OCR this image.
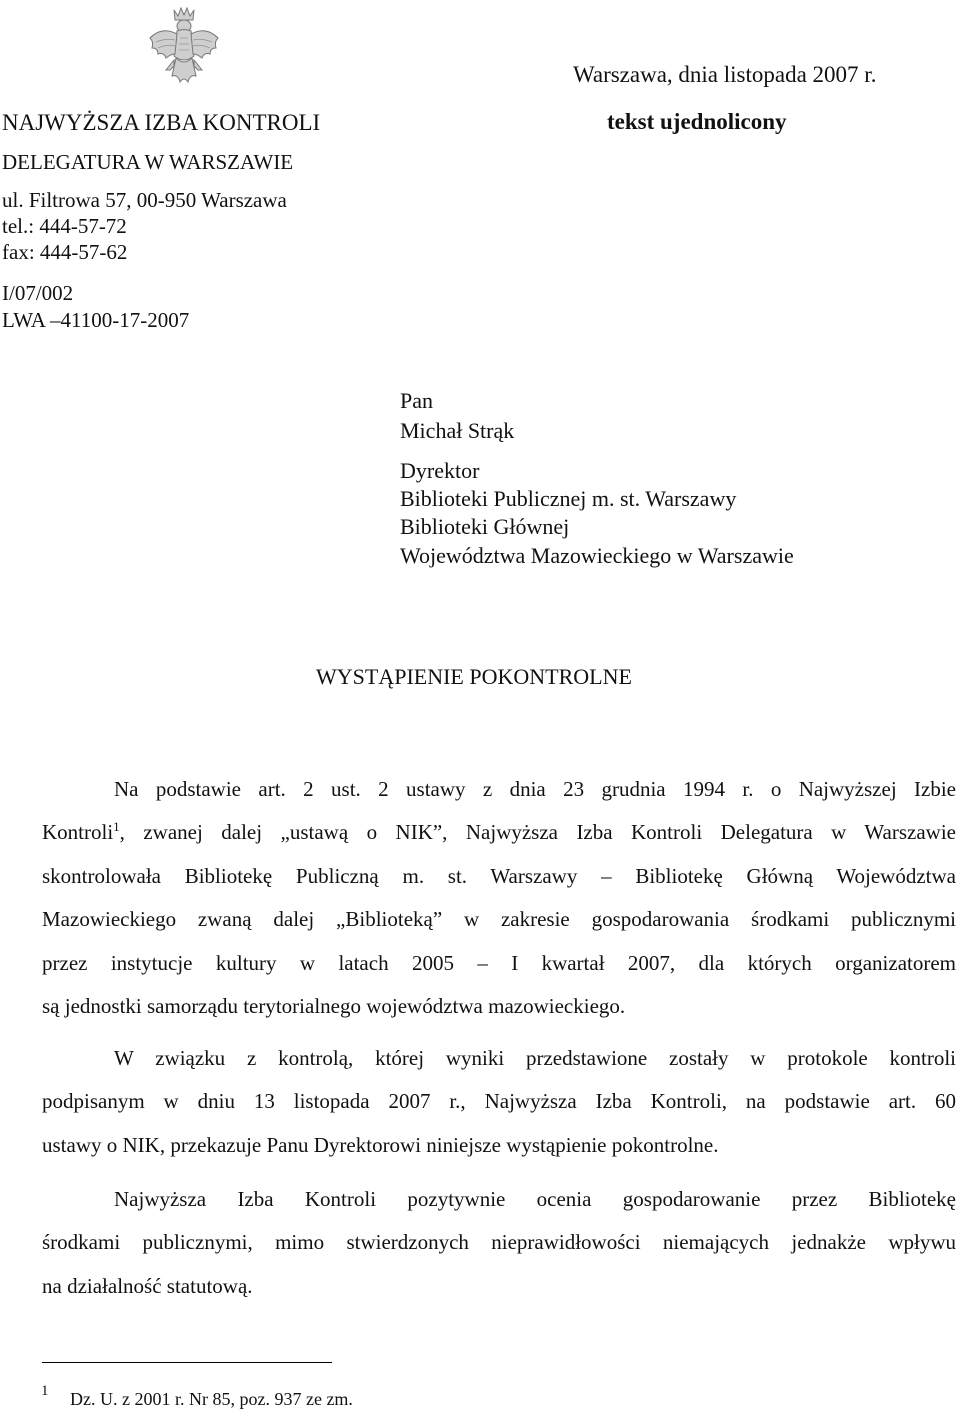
Warszawa, dnia listopada 2007 r.
tekst ujednolicony
NAJWYŻSZA IZBA KONTROLI
DELEGATURA W WARSZAWIE
ul. Filtrowa 57, 00-950 Warszawa
tel.: 444-57-72
fax: 444-57-62
I/07/002
LWA –41100-17-2007
Pan
Michał Strąk
Dyrektor
Biblioteki Publicznej m. st. Warszawy
Biblioteki Głównej
Województwa Mazowieckiego w Warszawie
WYSTĄPIENIE POKONTROLNE
Na podstawie art. 2 ust. 2 ustawy z dnia 23 grudnia 1994 r. o Najwyższej Izbie
Kontroli$^1$, zwanej dalej „ustawą o NIK”, Najwyższa Izba Kontroli Delegatura w Warszawie
skontrolowała Bibliotekę Publiczną m. st. Warszawy – Bibliotekę Główną Województwa
Mazowieckiego zwaną dalej „Biblioteką” w zakresie gospodarowania środkami publicznymi
przez instytucje kultury w latach 2005 – I kwartał 2007, dla których organizatorem
są jednostki samorządu terytorialnego województwa mazowieckiego.
W związku z kontrolą, której wyniki przedstawione zostały w protokole kontroli
podpisanym w dniu 13 listopada 2007 r., Najwyższa Izba Kontroli, na podstawie art. 60
ustawy o NIK, przekazuje Panu Dyrektorowi niniejsze wystąpienie pokontrolne.
Najwyższa Izba Kontroli pozytywnie ocenia gospodarowanie przez Bibliotekę
środkami publicznymi, mimo stwierdzonych nieprawidłowości niemających jednakże wpływu
na działalność statutową.
1 Dz. U. z 2001 r. Nr 85, poz. 937 ze zm.
